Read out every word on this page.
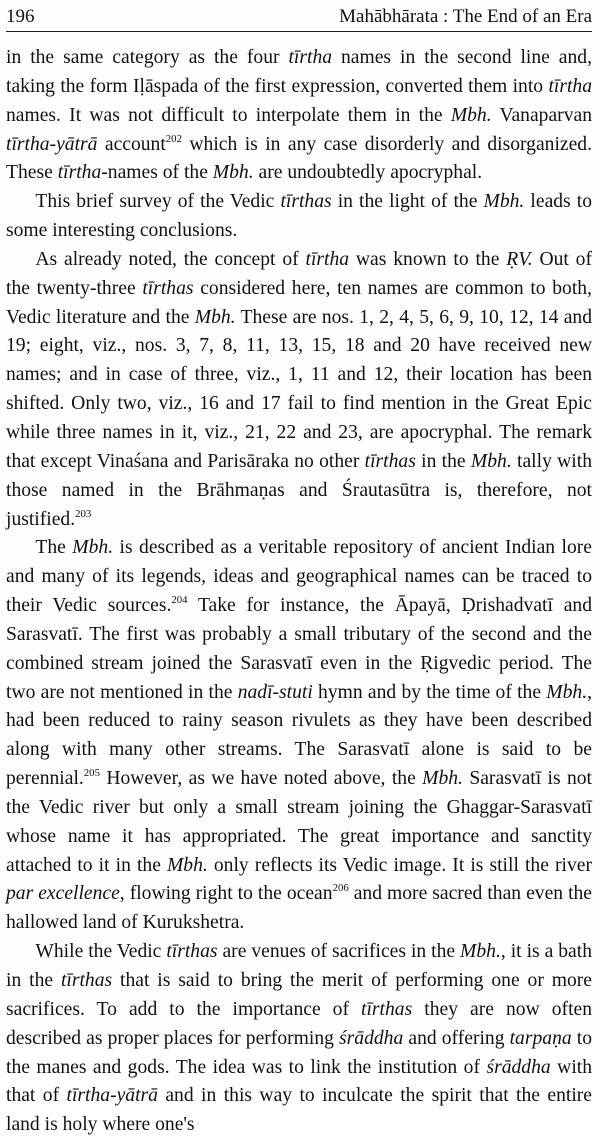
196	Mahābhārata : The End of an Era

in the same category as the four tīrtha names in the second line and, taking the form Iḷāspada of the first expression, converted them into tīrtha names. It was not difficult to interpolate them in the Mbh. Vanaparvan tīrtha-yātrā account$^{202}$ which is in any case disorderly and disorganized. These tīrtha-names of the Mbh. are undoubtedly apocryphal.

This brief survey of the Vedic tīrthas in the light of the Mbh. leads to some interesting conclusions.

As already noted, the concept of tīrtha was known to the ṚV. Out of the twenty-three tīrthas considered here, ten names are common to both, Vedic literature and the Mbh. These are nos. 1, 2, 4, 5, 6, 9, 10, 12, 14 and 19; eight, viz., nos. 3, 7, 8, 11, 13, 15, 18 and 20 have received new names; and in case of three, viz., 1, 11 and 12, their location has been shifted. Only two, viz., 16 and 17 fail to find mention in the Great Epic while three names in it, viz., 21, 22 and 23, are apocryphal. The remark that except Vinaśana and Parisāraka no other tīrthas in the Mbh. tally with those named in the Brāhmaṇas and Śrautasūtra is, therefore, not justified.$^{203}$

The Mbh. is described as a veritable repository of ancient Indian lore and many of its legends, ideas and geographical names can be traced to their Vedic sources.$^{204}$ Take for instance, the Āpayā, Ḍrishadvatī and Sarasvatī. The first was probably a small tributary of the second and the combined stream joined the Sarasvatī even in the Ṛigvedic period. The two are not mentioned in the nadī-stuti hymn and by the time of the Mbh., had been reduced to rainy season rivulets as they have been described along with many other streams. The Sarasvatī alone is said to be perennial.$^{205}$ However, as we have noted above, the Mbh. Sarasvatī is not the Vedic river but only a small stream joining the Ghaggar-Sarasvatī whose name it has appropriated. The great importance and sanctity attached to it in the Mbh. only reflects its Vedic image. It is still the river par excellence, flowing right to the ocean$^{206}$ and more sacred than even the hallowed land of Kurukshetra.

While the Vedic tīrthas are venues of sacrifices in the Mbh., it is a bath in the tīrthas that is said to bring the merit of performing one or more sacrifices. To add to the importance of tīrthas they are now often described as proper places for performing śrāddha and offering tarpaṇa to the manes and gods. The idea was to link the institution of śrāddha with that of tīrtha-yātrā and in this way to inculcate the spirit that the entire land is holy where one's
